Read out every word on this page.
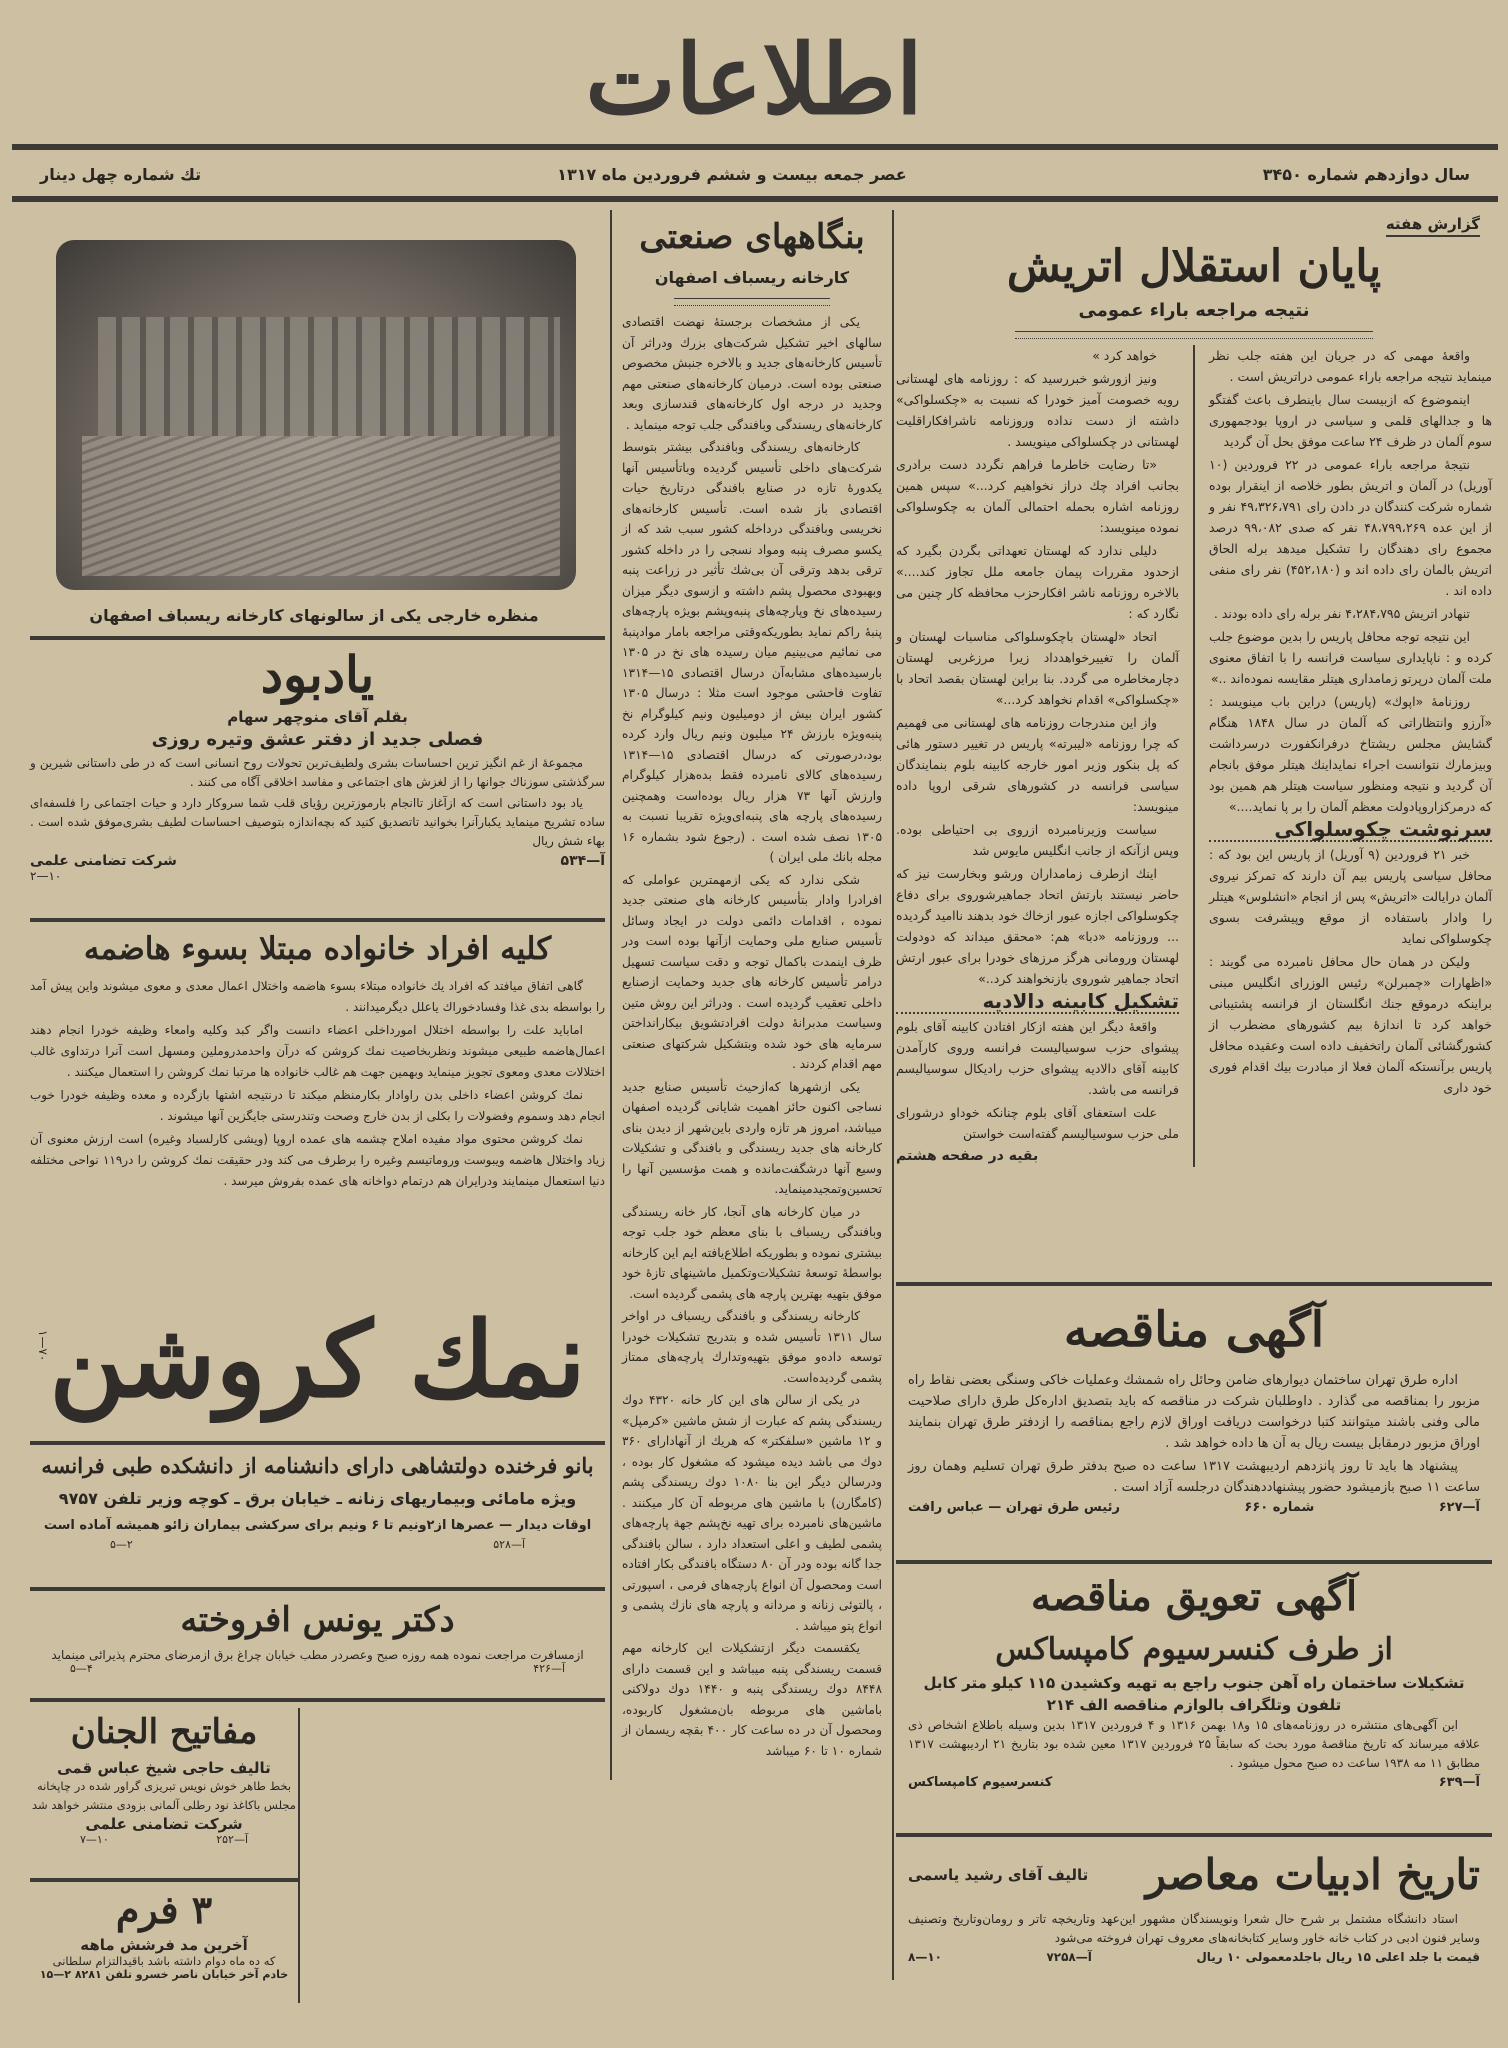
اطلاعات
سال دوازدهم شماره ۳۴۵۰
عصر جمعه بیست و ششم فروردین ماه ۱۳۱۷
تك شماره چهل دینار
گزارش هفته
پایان استقلال اتریش
نتیجه مراجعه باراء عمومی

واقعهٔ مهمی که در جریان این هفته جلب نظر مینماید نتیجه مراجعه باراء عمومی دراتریش است .

اینموضوع که ازبیست سال باینطرف باعث گفتگو ها و جدالهای قلمی و سیاسی در اروپا بودجمهوری سوم آلمان در ظرف ۲۴ ساعت موفق بحل آن گردید

نتیجهٔ مراجعه باراء عمومی در ۲۲ فروردین (۱۰ آوریل) در آلمان و اتریش بطور خلاصه از اینقرار بوده شماره شرکت کنندگان در دادن رای ۴۹،۳۲۶،۷۹۱ نفر و از این عده ۴۸،۷۹۹،۲۶۹ نفر که صدی ۹۹،۰۸۲ درصد مجموع رای دهندگان را تشکیل میدهد برله الحاق اتریش بالمان رای داده اند و (۴۵۲،۱۸۰) نفر رای منفی داده اند .

تنهادر اتریش ۴،۲۸۴،۷۹۵ نفر برله رای داده بودند .

این نتیجه توجه محافل پاریس را بدین موضوع جلب کرده و : ناپایداری سیاست فرانسه را با اتفاق معنوی ملت آلمان درپرتو زمامداری هیتلر مقایسه نموده‌اند ..»

روزنامهٔ «اپوك» (پاریس) دراین باب مینویسد : «آرزو وانتظاراتی که آلمان در سال ۱۸۴۸ هنگام گشایش مجلس ریشتاخ درفرانکفورت درسرداشت وبیزمارك نتوانست اجراء نمایداینك هیتلر موفق بانجام آن گردید و نتیجه ومنظور سیاست هیتلر هم همین بود که درمرکزاروپادولت معظم آلمان را بر پا نماید....»

سرنوشت چکوسلواکی

خبر ۲۱ فروردین (۹ آوریل) از پاریس این بود که : محافل سیاسی پاریس بیم آن دارند که تمرکز نیروی آلمان درایالت «اتریش» پس از انجام «انشلوس» هیتلر را وادار باستفاده از موقع وپیشرفت بسوی چکوسلواکی نماید

ولیکن در همان حال محافل نامبرده می گویند : «اظهارات «چمبرلن» رئیس الوزرای انگلیس مبنی براینکه درموقع جنك انگلستان از فرانسه پشتیبانی خواهد کرد تا اندازهٔ بیم کشورهای مضطرب از کشورگشائی آلمان راتخفیف داده است وعقیده محافل پاریس برآنستکه آلمان فعلا از مبادرت بیك اقدام فوری خود داری

خواهد کرد »

ونیز ازورشو خبررسید که : روزنامه های لهستانی رویه خصومت آمیز خودرا که نسبت به «چکسلواکی» داشته از دست نداده وروزنامه ناشرافکاراقلیت لهستانی در چکسلواکی مینویسد .

«تا رضایت خاطرما فراهم نگردد دست برادری بجانب افراد چك دراز نخواهیم کرد...» سپس همین روزنامه اشاره بحمله احتمالی آلمان به چکوسلواکی نموده مینویسد:

دلیلی ندارد که لهستان تعهداتی بگردن بگیرد که ازحدود مقررات پیمان جامعه ملل تجاوز کند....» بالاخره روزنامه ناشر افکارحزب محافظه کار چنین می نگارد که :

اتحاد «لهستان باچکوسلواکی مناسبات لهستان و آلمان را تغییرخواهدداد زیرا مرزغربی لهستان دچارمخاطره می گردد. بنا براین لهستان بقصد اتحاد با «چکسلواکی» اقدام نخواهد کرد...»

واز این مندرجات روزنامه های لهستانی می فهمیم که چرا روزنامه «لیبرته» پاریس در تغییر دستور هائی که پل بنکور وزیر امور خارجه کابینه بلوم بنمایندگان سیاسی فرانسه در کشورهای شرقی اروپا داده مینویسد:

سیاست وزیرنامبرده ازروی بی احتیاطی بوده. وپس ازآنکه از جانب انگلیس مایوس شد

اینك ازطرف زمامداران ورشو وبخارست نیز که حاضر نیستند بارتش اتحاد جماهیرشوروی برای دفاع چکوسلواکی اجازه عبور ازخاك خود بدهند ناامید گردیده ... وروزنامه «دبا» هم: «محقق میداند که دودولت لهستان ورومانی هرگز مرزهای خودرا برای عبور ارتش اتحاد جماهیر شوروی بازنخواهند کرد..»

تشکیل کابینه دالادیه

واقعهٔ دیگر این هفته ازکار افتادن کابینه آقای بلوم پیشوای حزب سوسیالیست فرانسه وروی کارآمدن کابینه آقای دالادیه پیشوای حزب رادیکال سوسیالیسم فرانسه می باشد.

علت استعفای آقای بلوم چنانکه خوداو درشورای ملی حزب سوسیالیسم گفته‌است خواستن

بقیه در صفحه هشتم
آگهی مناقصه

اداره طرق تهران ساختمان دیوارهای ضامن وحائل راه شمشك وعملیات خاکی وسنگی بعضی نقاط راه مزبور را بمناقصه می گذارد . داوطلبان شرکت در مناقصه که باید بتصدیق اداره‌کل طرق دارای صلاحیت مالی وفنی باشند میتوانند کتبا درخواست دریافت اوراق لازم راجع بمناقصه را ازدفتر طرق تهران بنمایند اوراق مزبور درمقابل بیست ریال به آن ها داده خواهد شد .

پیشنهاد ها باید تا روز پانزدهم اردیبهشت ۱۳۱۷ ساعت ده صبح بدفتر طرق تهران تسلیم وهمان روز ساعت ۱۱ صبح بازمیشود حضور پیشنهاددهندگان درجلسه آزاد است .

آ—۶۲۷
شماره ۶۶۰
رئیس طرق تهران — عباس رافت
آگهی تعویق مناقصه
از طرف کنسرسیوم کامپساکس
تشکیلات ساختمان راه آهن جنوب راجع به تهیه وکشیدن ۱۱۵ کیلو متر کابل تلفون وتلگراف بالوازم مناقصه الف ۲۱۴

این آگهی‌های منتشره در روزنامه‌های ۱۵ و۱۸ بهمن ۱۳۱۶ و ۴ فروردین ۱۳۱۷ بدین وسیله باطلاع اشخاص ذی علاقه میرساند که تاریخ مناقصهٔ مورد بحث که سابقاً ۲۵ فروردین ۱۳۱۷ معین شده بود بتاریخ ۲۱ اردیبهشت ۱۳۱۷ مطابق ۱۱ مه ۱۹۳۸ ساعت ده صبح محول میشود .

آ—۶۳۹
کنسرسیوم کامپساکس
تاریخ ادبیات معاصر
تالیف آقای رشید یاسمی

استاد دانشگاه مشتمل بر شرح حال شعرا ونویسندگان مشهور این‌عهد وتاریخچه تاتر و رومان‌وتاریخ وتصنیف وسایر فنون ادبی در کتاب خانه خاور وسایر کتابخانه‌های معروف تهران فروخته می‌شود

قیمت با جلد اعلی ۱۵ ریال باجلدمعمولی ۱۰ ریال
آ—۷۲۵۸
۱۰—۸
بنگاههای صنعتی
کارخانه ریسباف اصفهان

یکی از مشخصات برجستهٔ نهضت اقتصادی سالهای اخیر تشکیل شرکت‌های بزرك ودراثر آن تأسیس کارخانه‌های جدید و بالاخره جنبش مخصوص صنعتی بوده است. درمیان کارخانه‌های صنعتی مهم وجدید در درجه اول کارخانه‌های قندسازی وبعد کارخانه‌های ریسندگی وبافندگی جلب توجه مینماید .

کارخانه‌های ریسندگی وبافندگی بیشتر بتوسط شرکت‌های داخلی تأسیس گردیده وباتأسیس آنها یکدورهٔ تازه در صنایع بافندگی درتاریخ حیات اقتصادی باز شده است. تأسیس کارخانه‌های نخریسی وبافندگی درداخله کشور سبب شد که از یکسو مصرف پنبه ومواد نسجی را در داخله کشور ترقی بدهد وترقی آن بی‌شك تأثیر در زراعت پنبه وبهبودی محصول پشم داشته و ازسوی دیگر میزان رسیده‌های نخ وپارچه‌های پنبه‌وپشم بویژه پارچه‌های پنبهٔ راکم نماید بطوریکه‌وقتی مراجعه بامار موادپنبهٔ می نمائیم می‌بینیم میان رسیده های نخ در ۱۳۰۵ بارسیده‌های مشابه‌آن درسال اقتصادی ۱۵—۱۳۱۴ تفاوت فاحشی موجود است مثلا : درسال ۱۳۰۵ کشور ایران بیش از دومیلیون ونیم کیلوگرام نخ پنبه‌ویژه بارزش ۲۴ میلیون ونیم ریال وارد کرده بود،درصورتی که درسال اقتصادی ۱۵—۱۳۱۴ رسیده‌های کالای نامبرده فقط بده‌هزار کیلوگرام وارزش آنها ۷۳ هزار ریال بوده‌است وهمچنین رسیده‌های پارچه های پنبه‌ای‌ویژه تقریبا نسبت به ۱۳۰۵ نصف شده است . (رجوع شود بشماره ۱۶ مجله بانك ملی ایران )

شکی ندارد که یکی ازمهمترین عواملی که افرادرا وادار بتأسیس کارخانه های صنعتی جدید نموده ، اقدامات دائمی دولت در ایجاد وسائل تأسیس صنایع ملی وحمایت ازآنها بوده است ودر ظرف اینمدت باکمال توجه و دقت سیاست تسهیل درامر تأسیس کارخانه های جدید وحمایت ازصنایع داخلی تعقیب گردیده است . ودراثر این روش متین وسیاست مدبرانهٔ دولت افرادتشویق بیکارانداختن سرمایه های خود شده وبتشکیل شرکتهای صنعتی مهم اقدام کردند .

یکی ازشهرها که‌ازحیث تأسیس صنایع جدید نساجی اکنون حائز اهمیت شایانی گردیده اصفهان میباشد، امروز هر تازه واردی باین‌شهر از دیدن بنای کارخانه های جدید ریسندگی و بافندگی و تشکیلات وسیع آنها درشگفت‌مانده و همت مؤسسین آنها را تحسین‌وتمجید‌مینماید.

در میان کارخانه های آنجا، کار خانه ریسندگی وبافندگی ریسباف با بنای معظم خود جلب توجه بیشتری نموده و بطوریکه اطلاع‌یافته ایم این کارخانه بواسطهٔ توسعهٔ تشکیلات‌وتکمیل ماشینهای تازهٔ خود موفق بتهیه بهترین پارچه های پشمی گردیده است.

کارخانه ریسندگی و بافندگی ریسباف در اواخر سال ۱۳۱۱ تأسیس شده و بتدریج تشکیلات خودرا توسعه داده‌و موفق بتهیه‌وتدارك پارچه‌های ممتاز پشمی گردیده‌است.

در یکی از سالن های این کار خانه ۴۳۲۰ دوك ریسندگی پشم که عبارت از شش ماشین «کرمپل» و ۱۲ ماشین «سلفکتر» که هریك از آنهادارای ۳۶۰ دوك می باشد دیده میشود که مشغول کار بوده ، ودرسالن دیگر این بنا ۱۰۸۰ دوك ریسندگی پشم (کامگارن) با ماشین های مربوطه آن کار میکنند . ماشین‌های نامبرده برای تهیه نخ‌پشم جهة پارچه‌های پشمی لطیف و اعلی استعداد دارد ، سالن بافندگی جدا گانه بوده ودر آن ۸۰ دستگاه بافندگی بکار افتاده است ومحصول آن انواع پارچه‌های فرمی ، اسپورتی ، پالتوئی زنانه و مردانه و پارچه های نازك پشمی و انواع پتو میباشد .

یکقسمت دیگر ازتشکیلات این کارخانه مهم قسمت ریسندگی پنبه میباشد و این قسمت دارای ۸۴۴۸ دوك ریسندگی پنبه و ۱۴۴۰ دوك دولاکنی باماشین های مربوطه بان‌مشغول کاربوده، ومحصول آن در ده ساعت کار ۴۰۰ بقچه ریسمان از شماره ۱۰ تا ۶۰ میباشد

منظره خارجی یکی از سالونهای کارخانه ریسباف اصفهان
یادبود
بقلم آقای منوچهر سهام
فصلی جدید از دفتر عشق وتیره روزی

مجموعهٔ از غم انگیز ترین احساسات بشری ولطیف‌ترین تحولات روح انسانی است که در طی داستانی شیرین و سرگذشتی سوزناك جوانها را از لغزش های اجتماعی و مفاسد اخلاقی آگاه می کنند .

یاد بود داستانی است که ازآغاز تاانجام بارموزترین رؤیای قلب شما سروکار دارد و حیات اجتماعی را فلسفه‌ای ساده تشریح مینماید یکبارآنرا بخوانید تاتصدیق کنید که بچه‌اندازه بتوصیف احساسات لطیف بشری‌موفق شده است . بهاء شش ریال

آ—۵۳۴
شرکت تضامنی علمی
۱۰—۲
کلیه افراد خانواده مبتلا بسوء هاضمه

گاهی اتفاق میافتد که افراد یك خانواده مبتلاء بسوء هاضمه واختلال اعمال معدی و معوی میشوند واین پیش آمد را بواسطه بدی غذا وفسادخوراك یاعلل دیگرمیدانند .

امابايد علت را بواسطه اختلال امورداخلی اعضاء دانست واگر کبد وکلیه وامعاء وظیفه خودرا انجام دهند اعمال‌هاضمه طبیعی میشوند ونظربخاصیت نمك کروشن که درآن واحدمدروملین ومسهل است آنرا درتداوی غالب اختلالات معدی ومعوی تجویز مینماید وبهمین جهت هم غالب خانواده ها مرتبا نمك کروشن را استعمال میکنند .

نمك کروشن اعضاء داخلی بدن راوادار بکارمنظم میکند تا درنتیجه اشتها بازگرده و معده وظیفه خودرا خوب انجام دهد وسموم وفضولات را بکلی از بدن خارج وصحت وتندرستی جایگزین آنها میشوند .

نمك کروشن محتوی مواد مفیده املاح چشمه های عمده اروپا (ویشی کارلسباد وغیره) است ارزش معنوی آن زیاد واختلال هاضمه ویبوست وروماتیسم وغیره را برطرف می کند ودر حقیقت نمك کروشن را در۱۱۹ نواحی مختلفه دنیا استعمال مینمایند ودرایران هم درتمام دواخانه های عمده بفروش میرسد .

نمك کروشن
۷۰—۱
بانو فرخنده دولتشاهی دارای دانشنامه از دانشکده طبی فرانسه
ویژه مامائی وبیماریهای زنانه ـ خیابان برق ـ کوچه وزیر تلفن ۹۷۵۷
اوقات دیدار — عصرها از۲ونیم تا ۶ ونیم برای سرکشی بیماران زائو همیشه آماده است
آ—۵۲۸
۲—۵
دکتر یونس افروخته
ازمسافرت مراجعت نموده همه روزه صبح وعصردر مطب خیابان چراغ برق ازمرضای محترم پذیرائی مینماید
آ—۴۲۶
۴—۵
مفاتیح الجنان
تالیف حاجی شیخ عباس قمی
بخط طاهر خوش نویس تبریزی گراور شده در چاپخانه مجلس باکاغذ نود رطلی آلمانی بزودی منتشر خواهد شد
شرکت تضامنی علمی
آ—۲۵۲
۱۰—۷
۳ فرم
آخرین مد فرشش ماهه
که ده ماه دوام داشته باشد باقیدالتزام سلطانی
خادم آخر خیابان ناصر خسرو تلفن ۸۲۸۱ ۲—۱۵
